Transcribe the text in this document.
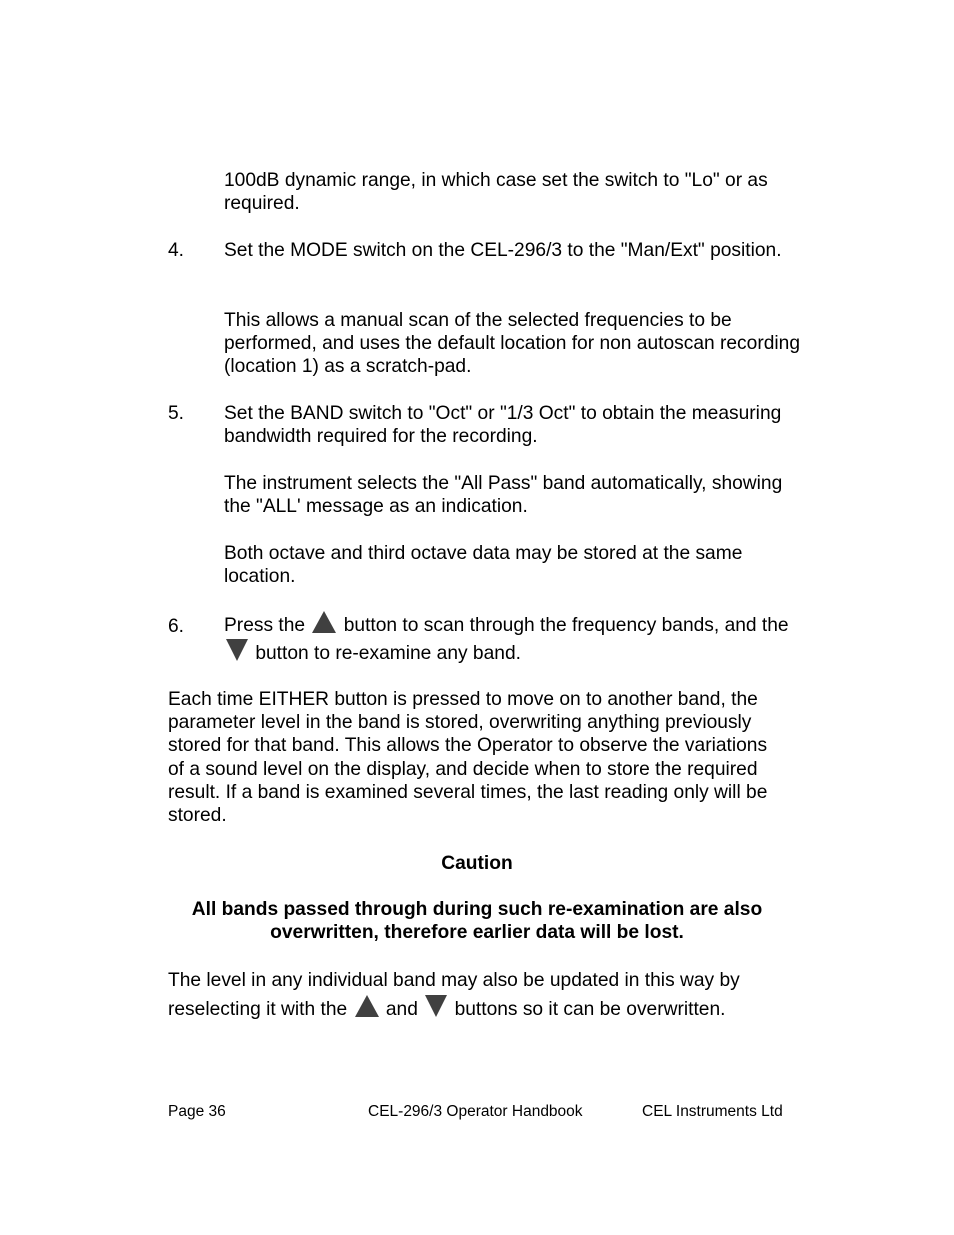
100dB dynamic range, in which case set the switch to "Lo" or as required.

4. Set the MODE switch on the CEL-296/3 to the "Man/Ext" position.

This allows a manual scan of the selected frequencies to be performed, and uses the default location for non autoscan recording (location 1) as a scratch-pad.

5. Set the BAND switch to "Oct" or "1/3 Oct" to obtain the measuring bandwidth required for the recording.

The instrument selects the "All Pass" band automatically, showing the "ALL' message as an indication.

Both octave and third octave data may be stored at the same location.

6. Press the button to scan through the frequency bands, and the  button to re-examine any band.

Each time EITHER button is pressed to move on to another band, the parameter level in the band is stored, overwriting anything previously stored for that band. This allows the Operator to observe the variations of a sound level on the display, and decide when to store the required result. If a band is examined several times, the last reading only will be stored.

Caution

All bands passed through during such re-examination are also overwritten, therefore earlier data will be lost.

The level in any individual band may also be updated in this way by reselecting it with the and buttons so it can be overwritten.

Page 36	CEL-296/3 Operator Handbook	CEL Instruments Ltd
